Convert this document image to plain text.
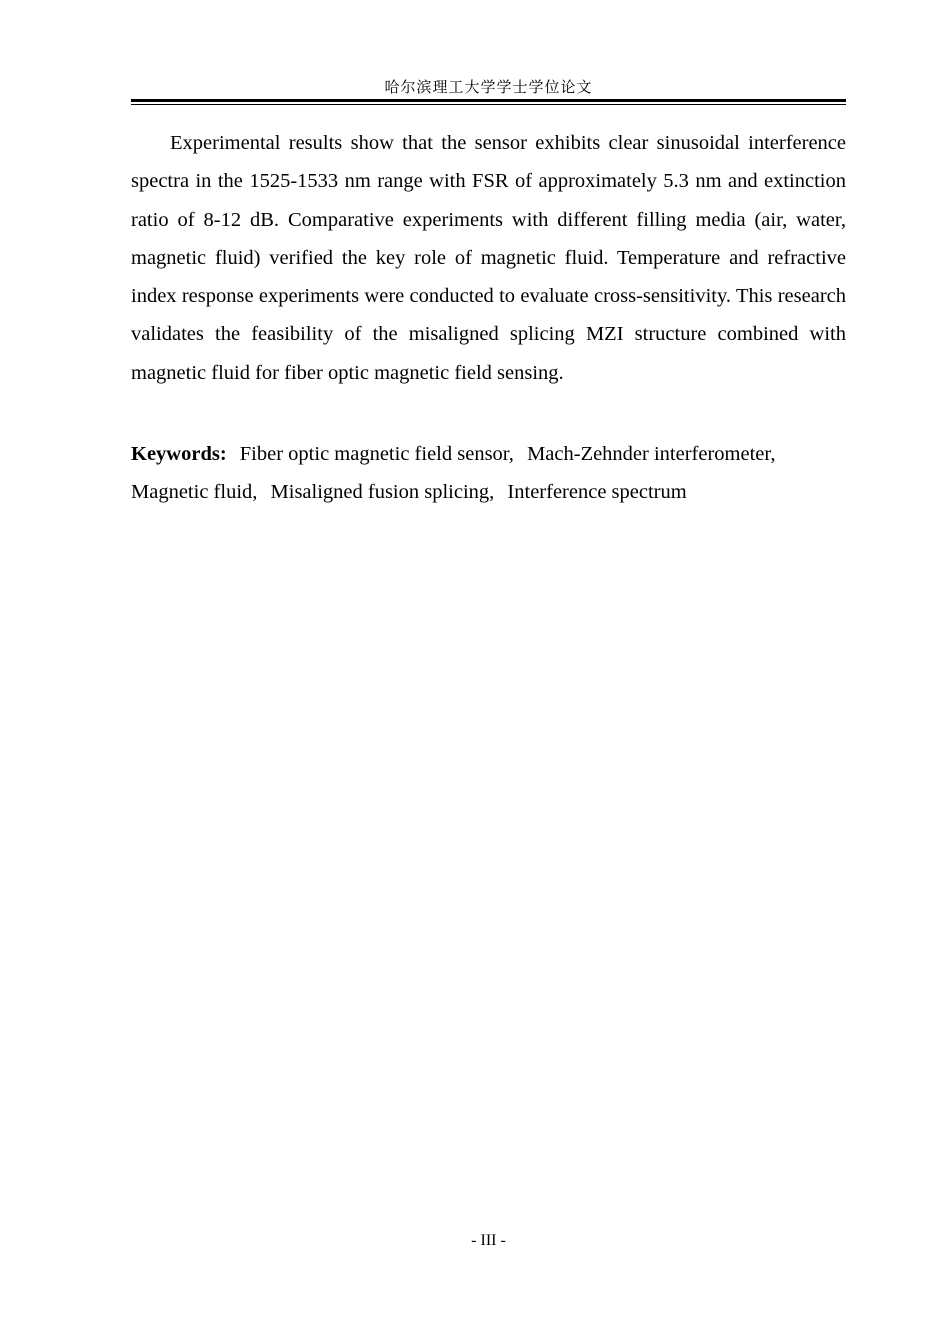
哈尔滨理工大学学士学位论文

Experimental results show that the sensor exhibits clear sinusoidal interference spectra in the 1525-1533 nm range with FSR of approximately 5.3 nm and extinction ratio of 8-12 dB. Comparative experiments with different filling media (air, water, magnetic fluid) verified the key role of magnetic fluid. Temperature and refractive index response experiments were conducted to evaluate cross-sensitivity. This research validates the feasibility of the misaligned splicing MZI structure combined with magnetic fluid for fiber optic magnetic field sensing.

Keywords: Fiber optic magnetic field sensor, Mach-Zehnder interferometer, Magnetic fluid, Misaligned fusion splicing, Interference spectrum

- III -
